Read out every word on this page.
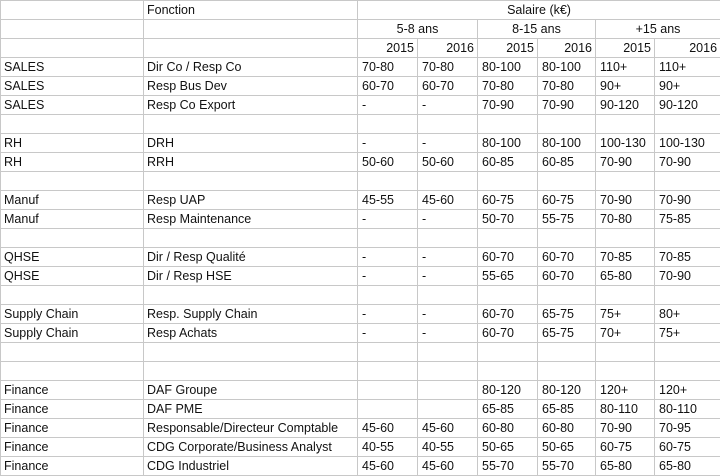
	Fonction	Salaire (k€)					
		5-8 ans		8-15 ans		+15 ans	
		2015	2016	2015	2016	2015	2016
SALES	Dir Co / Resp Co	70-80	70-80	80-100	80-100	110+	110+
SALES	Resp Bus Dev	60-70	60-70	70-80	70-80	90+	90+
SALES	Resp Co Export	-	-	70-90	70-90	90-120	90-120

RH	DRH	-	-	80-100	80-100	100-130	100-130
RH	RRH	50-60	50-60	60-85	60-85	70-90	70-90

Manuf	Resp UAP	45-55	45-60	60-75	60-75	70-90	70-90
Manuf	Resp Maintenance	-	-	50-70	55-75	70-80	75-85

QHSE	Dir / Resp Qualité	-	-	60-70	60-70	70-85	70-85
QHSE	Dir / Resp HSE	-	-	55-65	60-70	65-80	70-90

Supply Chain	Resp. Supply Chain	-	-	60-70	65-75	75+	80+
Supply Chain	Resp Achats	-	-	60-70	65-75	70+	75+

Finance	DAF Groupe			80-120	80-120	120+	120+
Finance	DAF PME			65-85	65-85	80-110	80-110
Finance	Responsable/Directeur Comptable	45-60	45-60	60-80	60-80	70-90	70-95
Finance	CDG Corporate/Business Analyst	40-55	40-55	50-65	50-65	60-75	60-75
Finance	CDG Industriel	45-60	45-60	55-70	55-70	65-80	65-80
